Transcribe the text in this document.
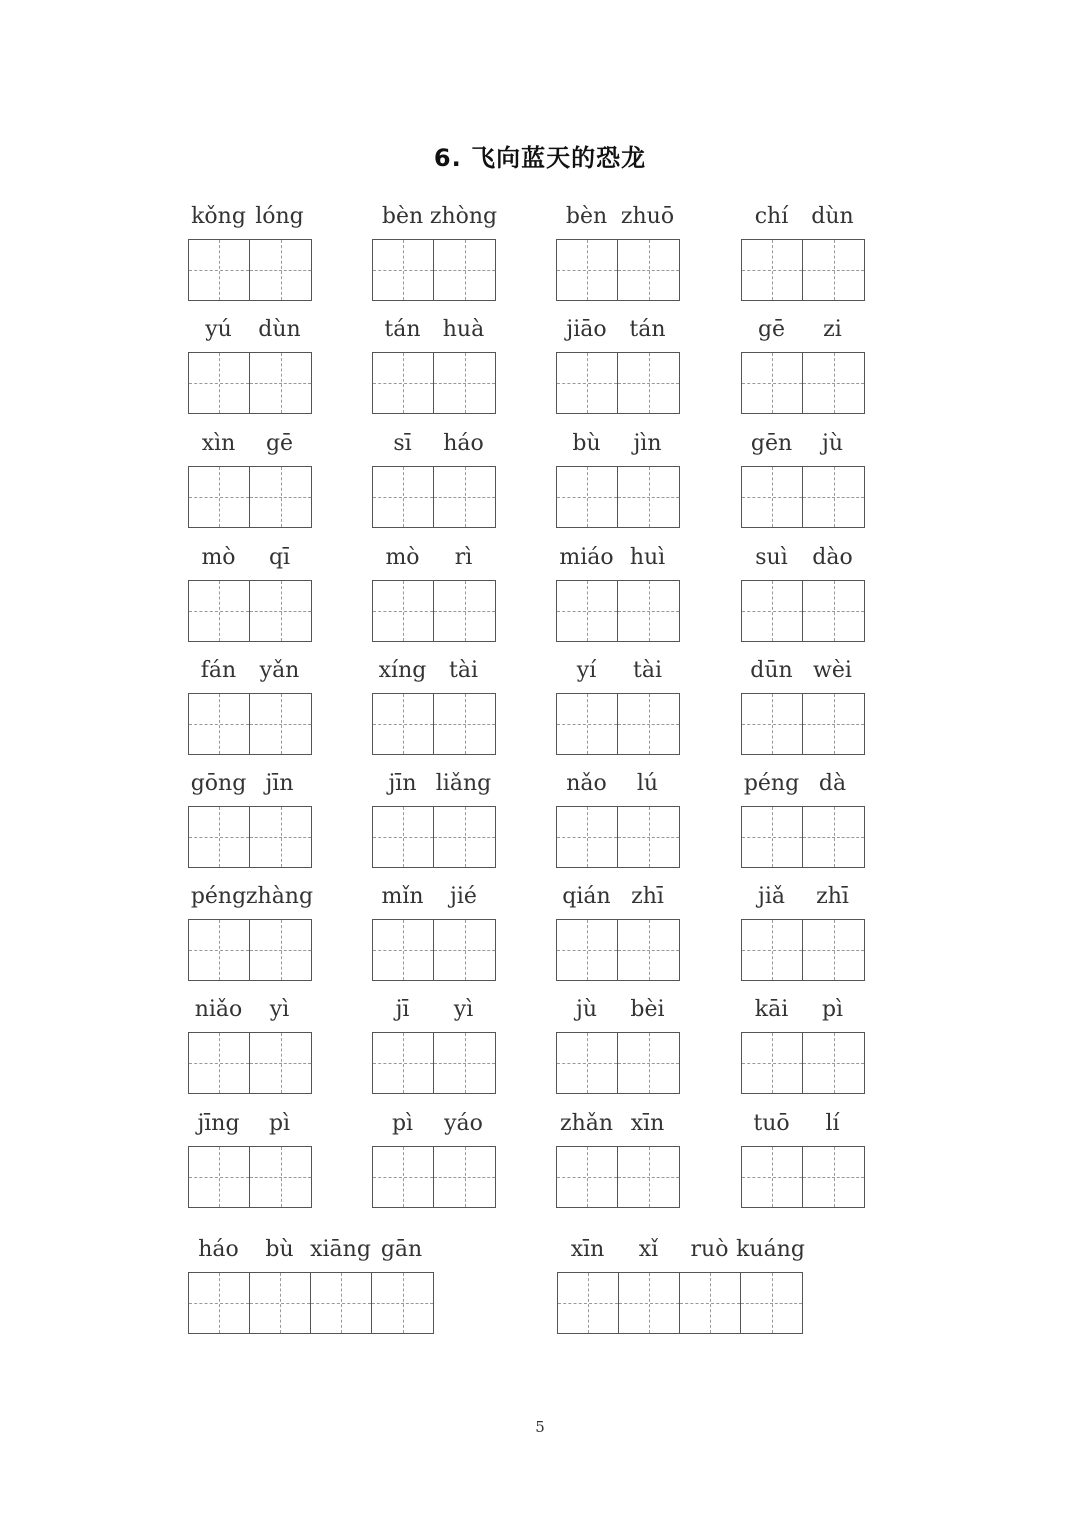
6. 飞向蓝天的恐龙
kǒng lóng	bèn zhòng	bèn zhuō	chí dùn
yú dùn	tán huà	jiāo tán	gē zi
xìn gē	sī háo	bù jìn	gēn jù
mò qī	mò rì	miáo huì	suì dào
fán yǎn	xíng tài	yí tài	dūn wèi
gōng jīn	jīn liǎng	nǎo lú	péng dà
péng zhàng	mǐn jié	qián zhī	jiǎ zhī
niǎo yì	jī yì	jù bèi	kāi pì
jīng pì	pì yáo	zhǎn xīn	tuō lí
háo bù xiāng gān	xīn xǐ ruò kuáng
5
